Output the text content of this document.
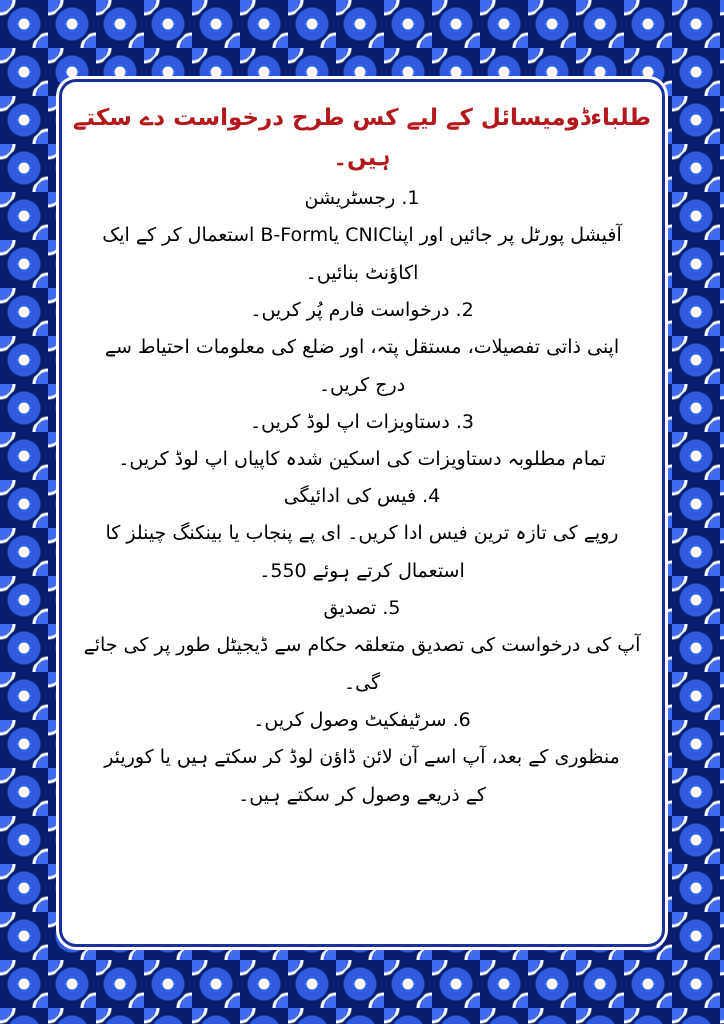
طلباءڈومیسائل کے لیے کس طرح درخواست دے سکتے ہیں۔

1. رجسٹریشن

آفیشل پورٹل پر جائیں اور اپناCNIC یاB-Form استعمال کر کے ایک اکاؤنٹ بنائیں۔

2. درخواست فارم پُر کریں۔

اپنی ذاتی تفصیلات، مستقل پتہ، اور ضلع کی معلومات احتیاط سے درج کریں۔

3. دستاویزات اپ لوڈ کریں۔

تمام مطلوبہ دستاویزات کی اسکین شدہ کاپیاں اپ لوڈ کریں۔

4. فیس کی ادائیگی

روپے کی تازہ ترین فیس ادا کریں۔ ای پے پنجاب یا بینکنگ چینلز کا استعمال کرتے ہوئے 550۔

5. تصدیق

آپ کی درخواست کی تصدیق متعلقہ حکام سے ڈیجیٹل طور پر کی جائے گی۔

6. سرٹیفکیٹ وصول کریں۔

منظوری کے بعد، آپ اسے آن لائن ڈاؤن لوڈ کر سکتے ہیں یا کوریئر کے ذریعے وصول کر سکتے ہیں۔
